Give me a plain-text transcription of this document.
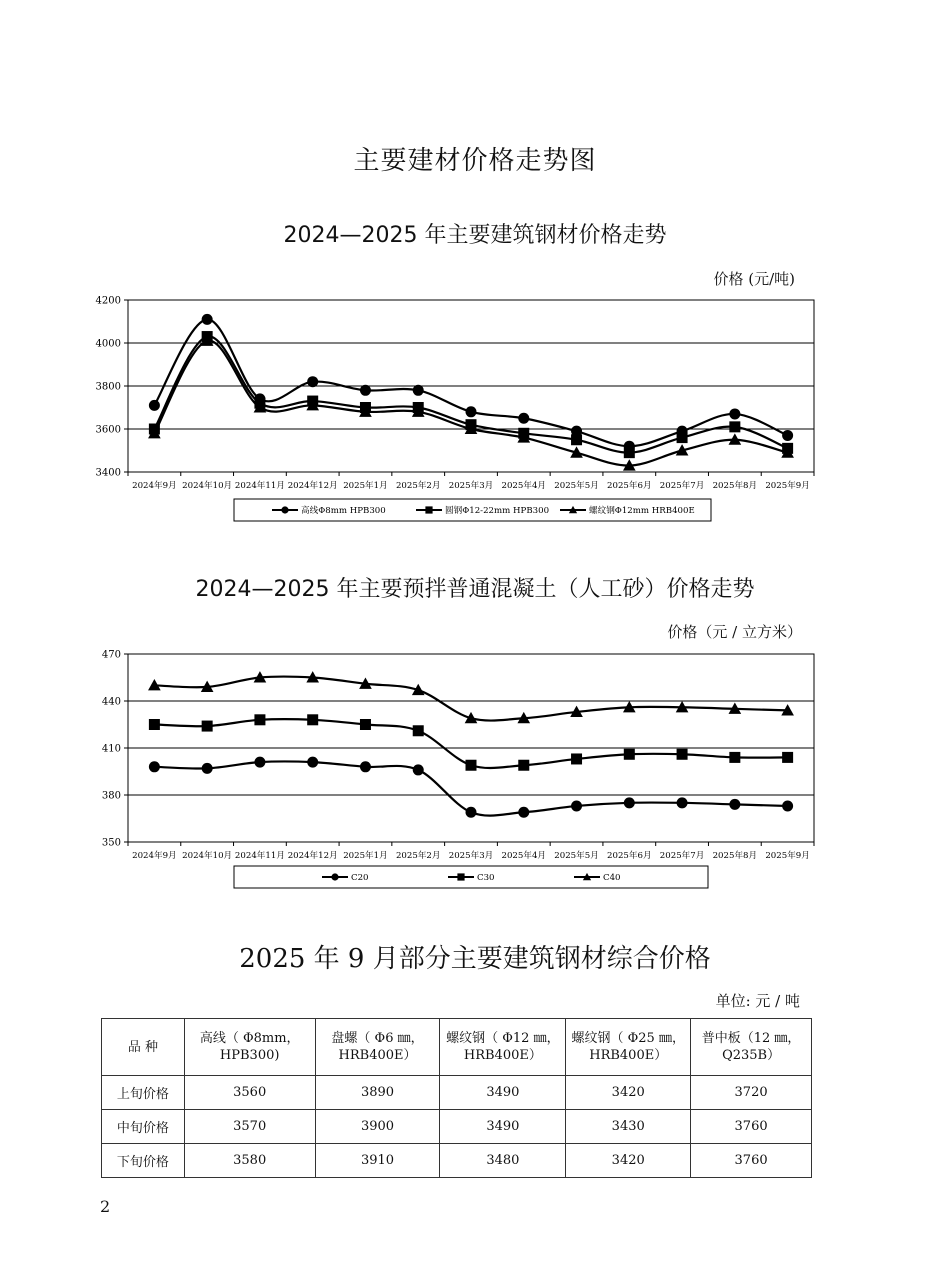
主要建材价格走势图
2024—2025 年主要建筑钢材价格走势
价格 (元/吨)
3400
3600
3800
4000
4200
2024年9月 2024年10月 2024年11月 2024年12月 2025年1月 2025年2月 2025年3月 2025年4月 2025年5月 2025年6月 2025年7月 2025年8月 2025年9月
高线Φ8mm HPB300	圆钢Φ12-22mm HPB300	螺纹钢Φ12mm HRB400E
2024—2025 年主要预拌普通混凝土（人工砂）价格走势
价格（元 / 立方米）
350
380
410
440
470
2024年9月 2024年10月 2024年11月 2024年12月 2025年1月 2025年2月 2025年3月 2025年4月 2025年5月 2025年6月 2025年7月 2025年8月 2025年9月
C20	C30	C40
2025 年 9 月部分主要建筑钢材综合价格
单位: 元 / 吨
品 种	高线（ Φ8mm， HPB300)	盘螺（ Φ6 ㎜， HRB400E）	螺纹钢（ Φ12 ㎜， HRB400E）	螺纹钢（ Φ25 ㎜， HRB400E）	普中板（12 ㎜， Q235B）
上旬价格	3560	3890	3490	3420	3720
中旬价格	3570	3900	3490	3430	3760
下旬价格	3580	3910	3480	3420	3760
2
